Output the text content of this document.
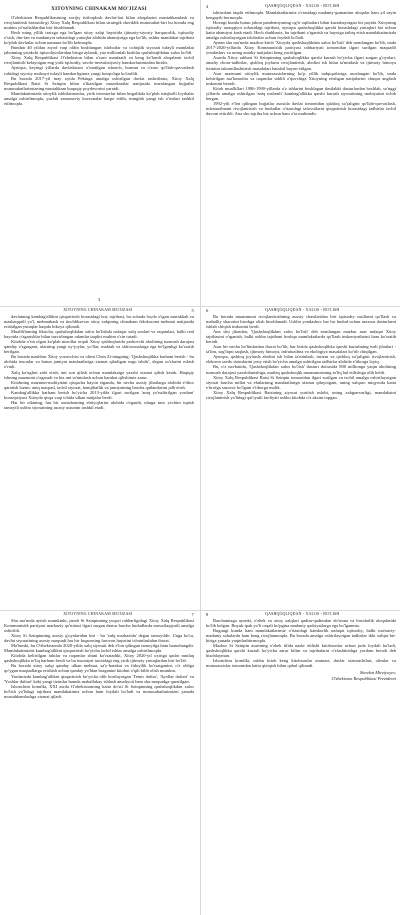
XITOYNING CHINAKAM MO'JIZASI

O'zbekiston Respublikasining xorijiy ittifoqdosh davlat-lari bilan aloqalarini mustahkamlash va rivojlantirish borasida-gi Xitoy Xalq Respublikasi bilan strategik sheriklik munosabat-lari bu borada eng muhim yo'nalishlardan biri hisoblanadi.

Besh ming yillik tarixga ega bo'lgan xitoy xalqi hayotida ijtimoiy-siyosiy barqarorlik, iqtisodiy o'sish, ilm-fan va madaniyat sohasidagi yutuqlar alohida ahamiyatga ega bo'lib, ushbu mamlakat tajribasi ko'plab davlatlar uchun namuna bo'lib kelmoqda.

Bundan 40 yildan ziyod vaqt oldin boshlangan islohotlar va ochiqlik siyosati tufayli mamlakat jahonning yetakchi iqtisodiyotlaridan biriga aylandi, yuz millionlab kishilar qashshoqlikdan xalos bo'ldi.

Xitoy Xalq Respublikasi O'zbekiston bilan o'zaro manfaatli va keng ko'lamli aloqalarni izchil rivojlantirib kelayotgan eng yirik iqtisodiy, savdo-investitsiyaviy hamkorlarimizdan biridir.

Ayniqsa, keyingi yillarda davlatlararo o'rnatilgan ishonch, hurmat va o'zaro qo'llab-quvvatlash ruhidagi siyosiy muloqot tufayli hamkorligimiz yangi bosqichga ko'tarildi.

Bu borada 2017-yil may oyida Pekinga amalga oshirilgan davlat tashrifimiz, Xitoy Xalq Respublikasi Raisi Si Szinpin bilan o'tkazilgan muzokaralar natijasida imzolangan hujjatlar munosabatlarimizning mustahkam huquqiy poydevorini yaratdi.

Mamlakatimizda xitoylik ishbilarmonlar, yirik investorlar bilan birgalikda ko'plab istiqbolli loyihalar amalga oshirilmoqda, yuzlab zamonaviy korxonalar barpo etilib, minglab yangi ish o'rinlari tashkil etilmoqda.

3
4	QASHQOQLIQDAN - XALOS - BO'LISH

ishtirokini taqdir etilmoqda. Mamlakatlarimiz o'rtasidagi madaniy-gumanitar aloqalar ham yil sayin kengayib bormoqda.

Hozirgi kunda butun jahon pandemiyaning og'ir oqibatlari bilan kurashayotgan bir paytda Xitoyning iqtisodiy taraqqiyot sohasidagi tajribasi, ayniqsa qashshoqlikka qarshi kurashdagi yutuqlari biz uchun katta ahamiyat kasb etadi. Hech shubhasiz, bu tajribani o'rganish va hayotga tatbiq etish mamlakatimizda amalga oshirilayotgan islohotlar uchun foydali bo'ladi.

Aynan shu ma'noda mazkur kitob 'Xitoyda qashshoqlikdan xalos bo'lish' deb nomlangan bo'lib, unda 2017-2020-yillarda Xitoy Kommunistik partiyasi rahbariyati tomonidan ilgari surilgan maqsadli yondashuv va uning amaliy natijalari keng yoritilgan.

Asarda Xitoy rahbari Si Szinpinning qashshoqlikka qarshi kurash bo'yicha ilgari surgan g'oyalari, amaliy chora-tadbirlar, qishloq joylarni rivojlantirish, aholini ish bilan ta'minlash va ijtimoiy himoya tizimini takomillashtirish masalalari batafsil bayon etilgan.

Asar mazmuni xitoylik mutaxassislarning ko'p yillik tadqiqotlariga asoslangan bo'lib, unda keltirilgan ma'lumotlar va raqamlar tahlili o'quvchiga Xitoyning erishgan natijalarini chuqur anglash imkonini beradi.

Kitob mualliflari 1986-1990-yillarda o'z ishlarini boshlagan dastlabki dasturlardan boshlab, so'nggi yillarda amalga oshirilgan 'aniq nishonli' kambag'allikka qarshi kurash siyosatining mohiyatini ochib bergan.

1992-yili e'lon qilingan hujjatlar asosida davlat tomonidan qishloq xo'jaligini qo'llab-quvvatlash, infratuzilmani rivojlantirish va hududlar o'rtasidagi tafovutlarni qisqartirish borasidagi tadbirlar izchil davom ettirildi. Ana shu tajriba biz uchun ham o'ta muhimdir.

XITOYNING CHINAKAM MO'JIZASI	5

davlatning kambag'allikni qisqartirish borasidagi boy tajribasi, bu sohada foyda o'tgan murakkab va mashaqqatli yo'l, mehnatkash va tinchliksevar xitoy xalqining chinakam fidokorona mehnati natijasida erishilgan yutuqlar haqida hikoya qilinadi.

Mualliflarning fikricha, qashshoqlikdan xalos bo'lishda nafaqat xalq sonlari va raqamlari, balki real hayotda o'zgarishlar bilan tasvirlangan odamlar taqdiri muhim o'rin tutadi.

Kitobda o'rin olgan ko'plab misollar orqali Xitoy qishloqlarida yashovchi aholining turmush darajasi qanday o'zgargani, ularning yangi uy-joylar, yo'llar, maktab va shifoxonalarga ega bo'lganligi ko'rsatib berilgan.

Bu borada mashhur Xitoy yozuvchisi va olimi Chen Zi-ningning: 'Qashshoqlikka barham berish - bu alohida insonlar va butun jamiyat manfaatlariga xizmat qiladigan ezgu ishdir', degan so'zlarini eslash o'rinli.

Xalq ko'nglini zabt etish, uni son qilish uchun mamlakatga yaxshi xizmat qilish kerak. Haqiqiy ishning mazmuni o'zgaradi va biz uni ta'minlash uchun harakat qilishimiz zarur.

Kitobning mazmun-mohiyatini qisqacha bayon etganda, bir necha asosiy jihatlarga alohida e'tibor qaratish lozim: aniq maqsad, izchil siyosat, hamjihatlik va jamiyatning barcha qatlamlarini jalb etish.

Kambag'allikka barham berish bo'yicha 2013-yilda ilgari surilgan 'aniq yo'naltirilgan yordam' konsepsiyasi Xitoyda qisqa vaqt ichida ulkan natijalar berdi.

Har bir oilaning, har bir xonadonning ehtiyojlarini alohida o'rganib, ularga mos yechim topish tamoyili ushbu siyosatning asosiy ustunini tashkil etadi.

6	QASHQOQLIQDAN - XALOS - BO'LISH

Bu borada muammoni rivojlantirishning asosiy chastlaridan biri iqtisodiy usullarni qo'llash va mahalliy sharoitni hisobga olish hisoblanadi. Ushbu yondashuv har bir hudud uchun maxsus dasturlarni ishlab chiqish imkonini berdi.

Ana shu jihatdan, 'Qashshoqlikdan xalos bo'lish' deb nomlangan mazkur asar nafaqat Xitoy tajribasini o'rganish, balki ushbu tajribani boshqa mamlakatlarda qo'llash imkoniyatlarini ham ko'rsatib beradi.

Asar bir necha bo'limlardan iborat bo'lib, har birida qashshoqlikka qarshi kurashning turli jihatlari - ta'lim, sog'liqni saqlash, ijtimoiy himoya, infratuzilma va ekologiya masalalari ko'rib chiqilgan.

Ayniqsa, qishloq joylarda aholini ish bilan ta'minlash, turizm va qishloq xo'jaligini rivojlantirish, elektron savdo tizimlarini joriy etish bo'yicha amalga oshirilgan tadbirlar alohida e'tiborga loyiq.

Bu, o'z navbatida, 'Qashshoqlikdan xalos bo'lish' dasturi doirasida 800 millionga yaqin aholining turmush darajasi yaxshilanishiga, mutlaq qashshoqlik muammosining to'liq hal etilishiga olib keldi.

Xitoy Xalq Respublikasi Raisi Si Szinpin tomonidan ilgari surilgan va izchil amalga oshirilayotgan siyosat barcha millat va elatlarning manfaatlariga xizmat qilayotgani, uning xalqaro miqyosda katta e'tirofga sazovor bo'lgani e'tiborga molik.

Xitoy Xalq Respublikasi Raisining siyosat yuritish uslubi, uning xalqparvarligi, mamlakatni rivojlantirish yo'lidagi qat'iyatli faoliyati ushbu kitobda o'z aksini topgan.

XITOYNING CHINAKAM MO'JIZASI	7

Shu ma'noda aytish mumkinki, janob Si Szinpinning yuqori rahbarligidagi Xitoy Xalq Respublikasi Kommunistik partiyasi markaziy qo'mitasi ilgari surgan dastur barcha hududlarda muvaffaqiyatli amalga oshirildi.

Xitoy Si Szinpinning asosiy g'oyalaridan biri - bu 'xalq markazida' degan tamoyildir. Unga ko'ra, davlat siyosatining asosiy maqsadi har bir fuqaroning farovon hayotini ta'minlashdan iborat.

Ma'lumki, bu O'zbekistonda 2020-yilda xalq siyosati deb e'lon qilingan tamoyilga ham hamohangdir. Mamlakatimizda kambag'allikni qisqartirish bo'yicha izchil ishlar amalga oshirilmoqda.

Kitobda keltirilgan faktlar va raqamlar shuni ko'rsatadiki, Xitoy 2020-yil oxiriga qadar mutlaq qashshoqlikka to'liq barham berdi va bu insoniyat tarixidagi eng yirik ijtimoiy yutuqlardan biri bo'ldi.

Bu borada xitoy xalqi qanday ulkan mehnat, sa'y-harakat va fidoyilik ko'rsatganini, o'z oldiga qo'ygan maqsadlarga erishish uchun qanday yo'ldan borganini kitobni o'qib bilib olish mumkin.

Yurtimizda kambag'allikni qisqartirish bo'yicha olib borilayotgan 'Temir daftar', 'Ayollar daftari' va 'Yoshlar daftari' kabi yangi tizimlar hamda mahallabay ishlash amaliyoti ham shu maqsadga qaratilgan.

Ishonchim komilki, XXI asrda O'zbekistonning katta do'sti Si Szinpinning qashshoqlikdan xalos bo'lish yo'lidagi tajribasi mamlakatimiz uchun ham foydali bo'ladi va munosabatlarimizni yanada mustahkamlashga xizmat qiladi.

8	QASHQOQLIQDAN - XALOS - BO'LISH

Barchamizga ayonki, o'zbek va xitoy xalqlari qadim-qadimdan do'stona va birodarlik aloqalarida bo'lib kelgan. Buyuk ipak yo'li orqali ko'pgina madaniy qadriyatlarga ega bo'lganmiz.

Bugungi kunda ham mamlakatlarimiz o'rtasidagi hamkorlik nafaqat iqtisodiy, balki ma'naviy-madaniy sohalarda ham keng rivojlanmoqda. Bu borada amalga oshirilayotgan tadbirlar ikki xalqni bir-biriga yanada yaqinlashtirmoqda.

Mazkur Si Szinpin asarining o'zbek tilida nashr etilishi kitobxonlar uchun juda foydali bo'ladi, qashshoqlikka qarshi kurash bo'yicha zarur bilim va tajribalarni o'zlashtirishga yordam beradi deb hisoblayman.

Ishonchim komilki, ushbu kitob keng kitobxonlar ommasi, davlat xizmatchilari, olimlar va mutaxassislar tomonidan katta qiziqish bilan qabul qilinadi.

Shavkat Mirziyoyev,
O'zbekiston Respublikasi Prezidenti
